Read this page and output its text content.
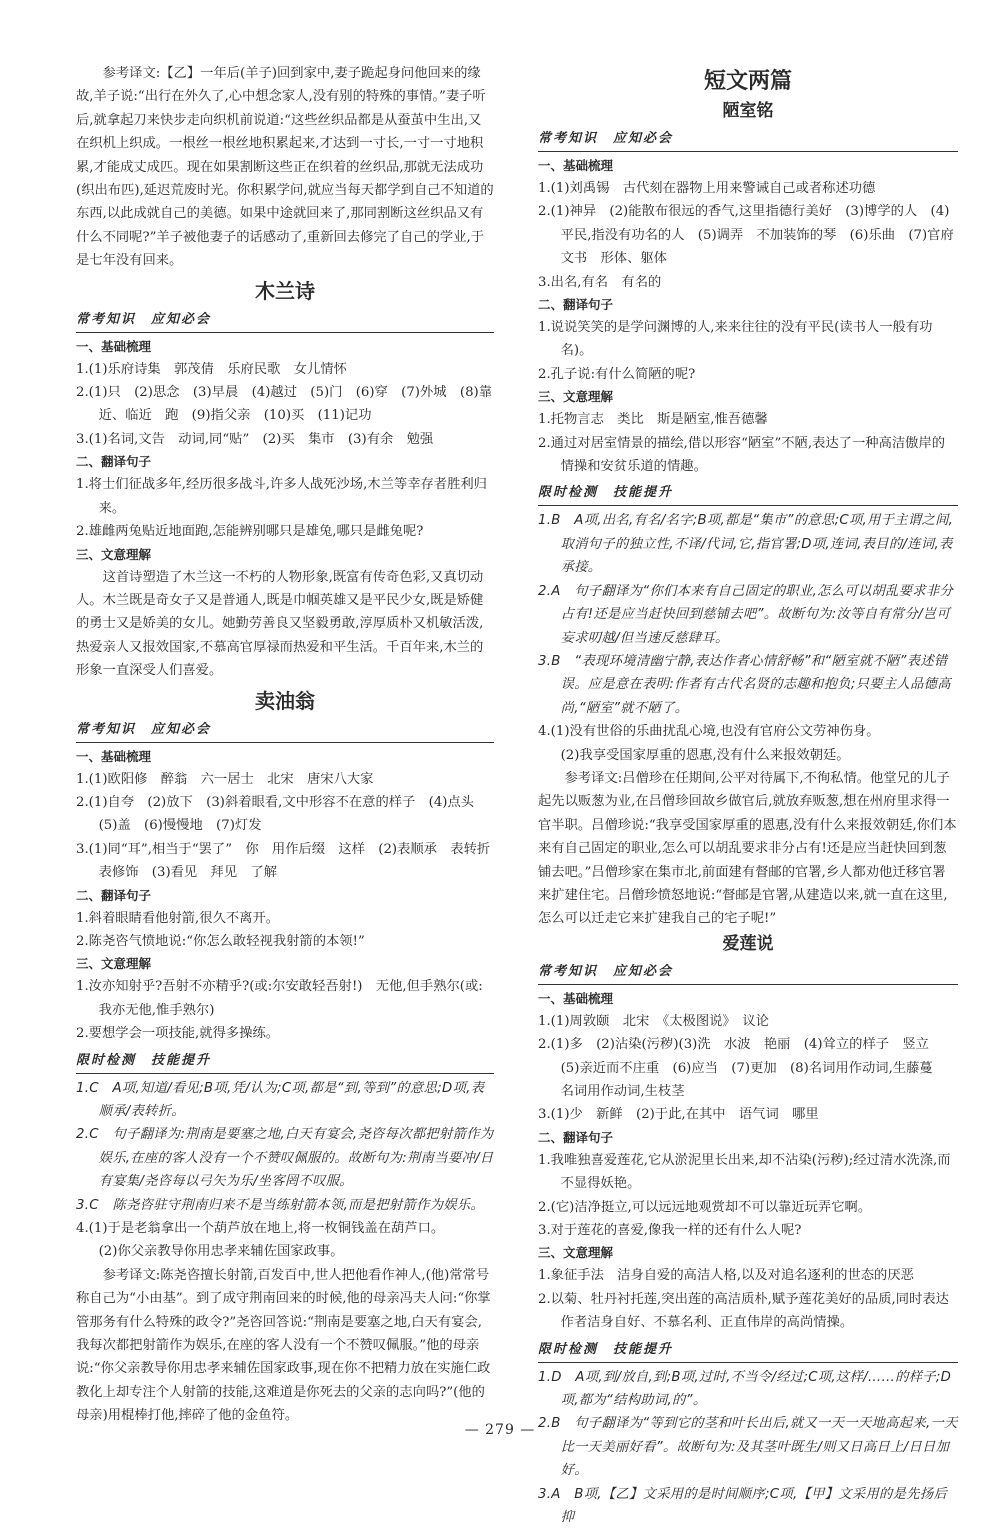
参考译文:【乙】一年后(羊子)回到家中,妻子跪起身问他回来的缘故,羊子说:“出行在外久了,心中想念家人,没有别的特殊的事情。”妻子听后,就拿起刀来快步走向织机前说道:“这些丝织品都是从蚕茧中生出,又在织机上织成。一根丝一根丝地积累起来,才达到一寸长,一寸一寸地积累,才能成丈成匹。现在如果割断这些正在织着的丝织品,那就无法成功(织出布匹),延迟荒废时光。你积累学问,就应当每天都学到自己不知道的东西,以此成就自己的美德。如果中途就回来了,那同割断这丝织品又有什么不同呢?”羊子被他妻子的话感动了,重新回去修完了自己的学业,于是七年没有回来。

木兰诗
常考知识　应知必会
一、基础梳理

1.(1)乐府诗集　郭茂倩　乐府民歌　女儿情怀

2.(1)只　(2)思念　(3)早晨　(4)越过　(5)门　(6)穿　(7)外城　(8)靠近、临近　跑　(9)指父亲　(10)买　(11)记功

3.(1)名词,文告　动词,同“贴”　(2)买　集市　(3)有余　勉强

二、翻译句子

1.将士们征战多年,经历很多战斗,许多人战死沙场,木兰等幸存者胜利归来。

2.雄雌两兔贴近地面跑,怎能辨别哪只是雄兔,哪只是雌兔呢?

三、文意理解

这首诗塑造了木兰这一不朽的人物形象,既富有传奇色彩,又真切动人。木兰既是奇女子又是普通人,既是巾帼英雄又是平民少女,既是矫健的勇士又是娇美的女儿。她勤劳善良又坚毅勇敢,淳厚质朴又机敏活泼,热爱亲人又报效国家,不慕高官厚禄而热爱和平生活。千百年来,木兰的形象一直深受人们喜爱。

卖油翁
常考知识　应知必会
一、基础梳理

1.(1)欧阳修　醉翁　六一居士　北宋　唐宋八大家

2.(1)自夸　(2)放下　(3)斜着眼看,文中形容不在意的样子　(4)点头　(5)盖　(6)慢慢地　(7)灯发

3.(1)同“耳”,相当于“罢了”　你　用作后缀　这样　(2)表顺承　表转折　表修饰　(3)看见　拜见　了解

二、翻译句子

1.斜着眼睛看他射箭,很久不离开。

2.陈尧咨气愤地说:“你怎么敢轻视我射箭的本领!”

三、文意理解

1.汝亦知射乎?吾射不亦精乎?(或:尔安敢轻吾射!)　无他,但手熟尔(或:我亦无他,惟手熟尔)

2.要想学会一项技能,就得多操练。

限时检测　技能提升

1.C　A项,知道/看见;B项,凭/认为;C项,都是“到,等到”的意思;D项,表顺承/表转折。

2.C　句子翻译为:荆南是要塞之地,白天有宴会,尧咨每次都把射箭作为娱乐,在座的客人没有一个不赞叹佩服的。故断句为:荆南当要冲/日有宴集/尧咨每以弓矢为乐/坐客罔不叹服。

3.C　陈尧咨驻守荆南归来不是当练射箭本领,而是把射箭作为娱乐。

4.(1)于是老翁拿出一个葫芦放在地上,将一枚铜钱盖在葫芦口。

(2)你父亲教导你用忠孝来辅佐国家政事。

参考译文:陈尧咨擅长射箭,百发百中,世人把他看作神人,(他)常常号称自己为“小由基”。到了成守荆南回来的时候,他的母亲冯夫人问:“你掌管那务有什么特殊的政令?”尧咨回答说:“荆南是要塞之地,白天有宴会,我每次都把射箭作为娱乐,在座的客人没有一个不赞叹佩服。”他的母亲说:“你父亲教导你用忠孝来辅佐国家政事,现在你不把精力放在实施仁政教化上却专注个人射箭的技能,这难道是你死去的父亲的志向吗?”(他的母亲)用棍棒打他,摔碎了他的金鱼符。

短文两篇
陋室铭
常考知识　应知必会
一、基础梳理

1.(1)刘禹锡　古代刻在器物上用来警诫自己或者称述功德

2.(1)神异　(2)能散布很远的香气,这里指德行美好　(3)博学的人　(4)平民,指没有功名的人　(5)调弄　不加装饰的琴　(6)乐曲　(7)官府文书　形体、躯体

3.出名,有名　有名的

二、翻译句子

1.说说笑笑的是学问渊博的人,来来往往的没有平民(读书人一般有功名)。

2.孔子说:有什么简陋的呢?

三、文意理解

1.托物言志　类比　斯是陋室,惟吾德馨

2.通过对居室情景的描绘,借以形容“陋室”不陋,表达了一种高洁傲岸的情操和安贫乐道的情趣。

限时检测　技能提升

1.B　A项,出名,有名/名字;B项,都是“集市”的意思;C项,用于主谓之间,取消句子的独立性,不译/代词,它,指官署;D项,连词,表目的/连词,表承接。

2.A　句子翻译为“你们本来有自己固定的职业,怎么可以胡乱要求非分占有!还是应当赶快回到慈铺去吧”。故断句为:汝等自有常分/岂可妄求叨越/但当速反慈肆耳。

3.B　“表现环境清幽宁静,表达作者心情舒畅”和“陋室就不陋”表述错误。应是意在表明:作者有古代名贤的志趣和抱负;只要主人品德高尚,“陋室”就不陋了。

4.(1)没有世俗的乐曲扰乱心境,也没有官府公文劳神伤身。

(2)我享受国家厚重的恩惠,没有什么来报效朝廷。

参考译文:吕僧珍在任期间,公平对待属下,不徇私情。他堂兄的儿子起先以贩葱为业,在吕僧珍回故乡做官后,就放弃贩葱,想在州府里求得一官半职。吕僧珍说:“我享受国家厚重的恩惠,没有什么来报效朝廷,你们本来有自己固定的职业,怎么可以胡乱要求非分占有!还是应当赶快回到葱铺去吧。”吕僧珍家在集市北,前面建有督邮的官署,乡人都劝他迁移官署来扩建住宅。吕僧珍愤怒地说:“督邮是官署,从建造以来,就一直在这里,怎么可以迁走它来扩建我自己的宅子呢!”

爱莲说
常考知识　应知必会
一、基础梳理

1.(1)周敦颐　北宋　《太极图说》　议论

2.(1)多　(2)沾染(污秽)(3)洗　水波　艳丽　(4)耸立的样子　竖立　(5)亲近而不庄重　(6)应当　(7)更加　(8)名词用作动词,生藤蔓　名词用作动词,生枝茎

3.(1)少　新鲜　(2)于此,在其中　语气词　哪里

二、翻译句子

1.我唯独喜爱莲花,它从淤泥里长出来,却不沾染(污秽);经过清水洗涤,而不显得妖艳。

2.(它)洁净挺立,可以远远地观赏却不可以靠近玩弄它啊。

3.对于莲花的喜爱,像我一样的还有什么人呢?

三、文意理解

1.象征手法　洁身自爱的高洁人格,以及对追名逐利的世态的厌恶

2.以菊、牡丹衬托莲,突出莲的高洁质朴,赋予莲花美好的品质,同时表达作者洁身自好、不慕名利、正直伟岸的高尚情操。

限时检测　技能提升

1.D　A项,到/放自,到;B项,过时,不当令/经过;C项,这样/……的样子;D项,都为“结构助词,的”。

2.B　句子翻译为“等到它的茎和叶长出后,就又一天一天地高起来,一天比一天美丽好看”。故断句为:及其茎叶既生/则又日高日上/日日加好。

3.A　B项,【乙】文采用的是时间顺序;C项,【甲】文采用的是先扬后抑

— 279 —
